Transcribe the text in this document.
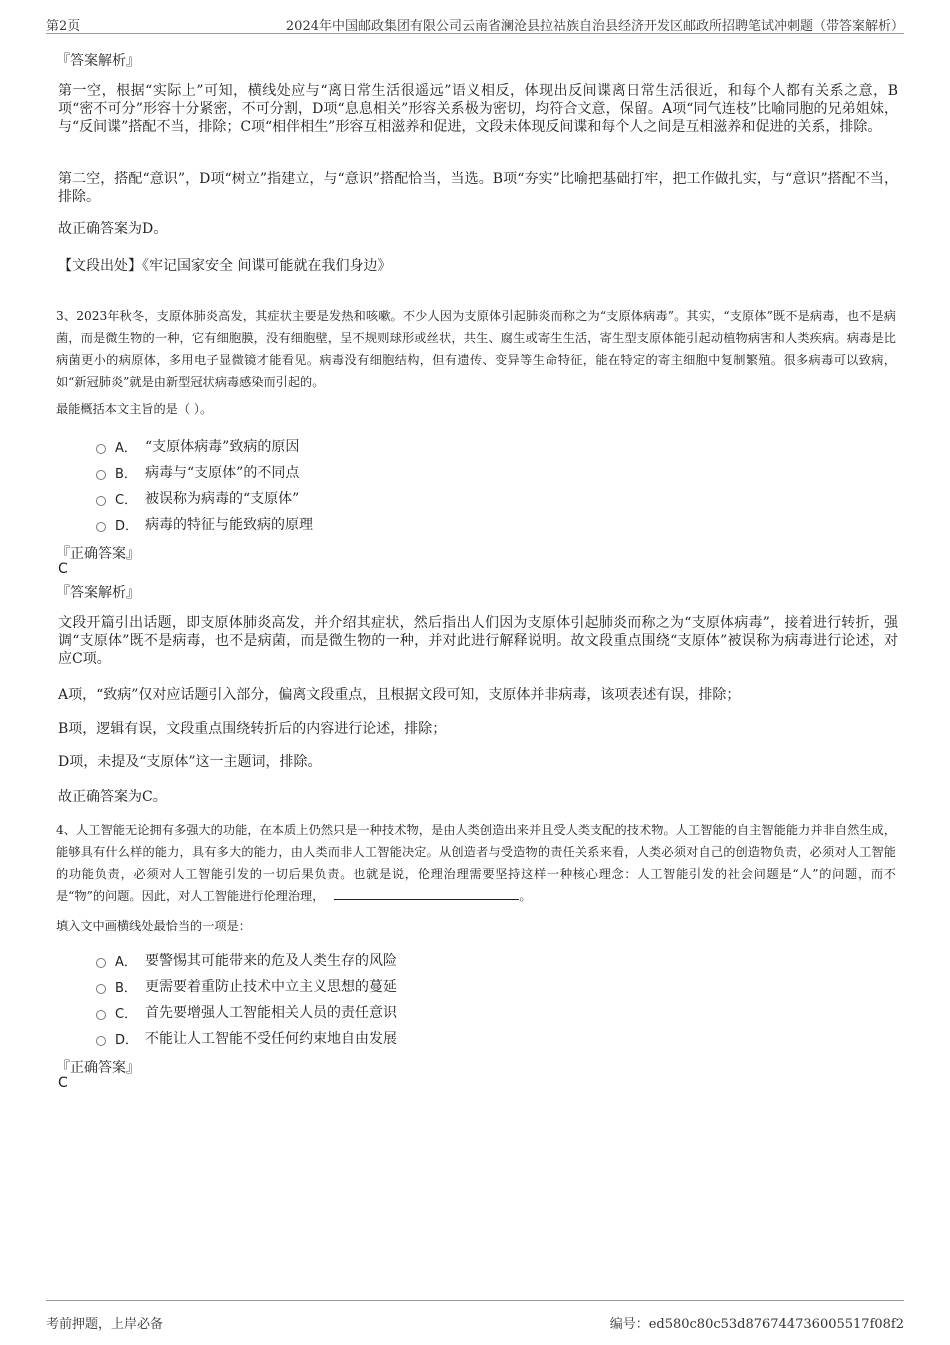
第2页	2024年中国邮政集团有限公司云南省澜沧县拉祜族自治县经济开发区邮政所招聘笔试冲刺题（带答案解析）
『答案解析』
第一空，根据“实际上”可知，横线处应与“离日常生活很遥远”语义相反，体现出反间谍离日常生活很近，和每个人都有关系之意，B项“密不可分”形容十分紧密，不可分割，D项“息息相关”形容关系极为密切，均符合文意，保留。A项“同气连枝”比喻同胞的兄弟姐妹，与“反间谍”搭配不当，排除；C项“相伴相生”形容互相滋养和促进，文段未体现反间谍和每个人之间是互相滋养和促进的关系，排除。
第二空，搭配“意识”，D项“树立”指建立，与“意识”搭配恰当，当选。B项“夯实”比喻把基础打牢，把工作做扎实，与“意识”搭配不当，排除。
故正确答案为D。
【文段出处】《牢记国家安全 间谍可能就在我们身边》
3、2023年秋冬，支原体肺炎高发，其症状主要是发热和咳嗽。不少人因为支原体引起肺炎而称之为“支原体病毒”。其实，“支原体”既不是病毒，也不是病菌，而是微生物的一种，它有细胞膜，没有细胞壁，呈不规则球形或丝状，共生、腐生或寄生生活，寄生型支原体能引起动植物病害和人类疾病。病毒是比病菌更小的病原体，多用电子显微镜才能看见。病毒没有细胞结构，但有遗传、变异等生命特征，能在特定的寄主细胞中复制繁殖。很多病毒可以致病，如“新冠肺炎”就是由新型冠状病毒感染而引起的。
最能概括本文主旨的是（ ）。
A． “支原体病毒”致病的原因
B． 病毒与“支原体”的不同点
C． 被误称为病毒的“支原体”
D． 病毒的特征与能致病的原理
『正确答案』
C
『答案解析』
文段开篇引出话题，即支原体肺炎高发，并介绍其症状，然后指出人们因为支原体引起肺炎而称之为“支原体病毒”，接着进行转折，强调“支原体”既不是病毒，也不是病菌，而是微生物的一种，并对此进行解释说明。故文段重点围绕“支原体”被误称为病毒进行论述，对应C项。
A项，“致病”仅对应话题引入部分，偏离文段重点，且根据文段可知，支原体并非病毒，该项表述有误，排除；
B项，逻辑有误，文段重点围绕转折后的内容进行论述，排除；
D项，未提及“支原体”这一主题词，排除。
故正确答案为C。
4、人工智能无论拥有多强大的功能，在本质上仍然只是一种技术物，是由人类创造出来并且受人类支配的技术物。人工智能的自主智能能力并非自然生成，能够具有什么样的能力，具有多大的能力，由人类而非人工智能决定。从创造者与受造物的责任关系来看，人类必须对自己的创造物负责，必须对人工智能的功能负责，必须对人工智能引发的一切后果负责。也就是说，伦理治理需要坚持这样一种核心理念：人工智能引发的社会问题是“人”的问题，而不是“物”的问题。因此，对人工智能进行伦理治理，	。
填入文中画横线处最恰当的一项是：
A． 要警惕其可能带来的危及人类生存的风险
B． 更需要着重防止技术中立主义思想的蔓延
C． 首先要增强人工智能相关人员的责任意识
D． 不能让人工智能不受任何约束地自由发展
『正确答案』
C
考前押题，上岸必备	编号：ed580c80c53d876744736005517f08f2
